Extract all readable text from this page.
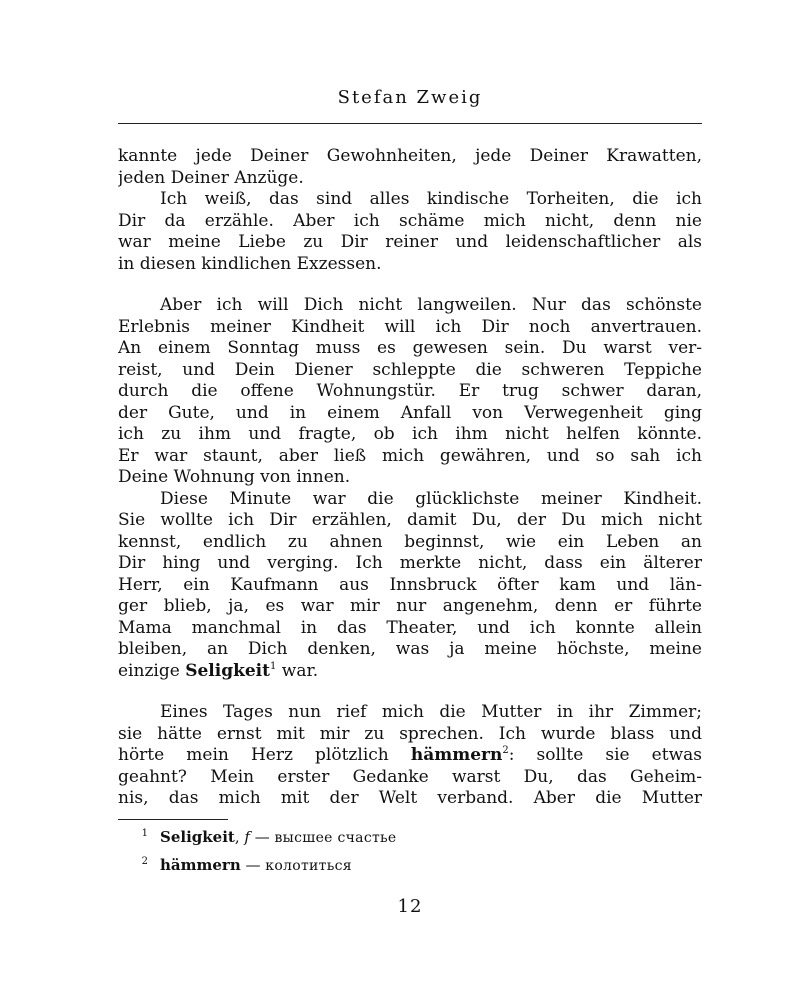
Stefan Zweig
kannte jede Deiner Gewohnheiten, jede Deiner Krawatten,
jeden Deiner Anzüge.
Ich weiß, das sind alles kindische Torheiten, die ich
Dir da erzähle. Aber ich schäme mich nicht, denn nie
war meine Liebe zu Dir reiner und leidenschaftlicher als
in diesen kindlichen Exzessen.
Aber ich will Dich nicht langweilen. Nur das schönste
Erlebnis meiner Kindheit will ich Dir noch anvertrauen.
An einem Sonntag muss es gewesen sein. Du warst ver-
reist, und Dein Diener schleppte die schweren Teppiche
durch die offene Wohnungstür. Er trug schwer daran,
der Gute, und in einem Anfall von Verwegenheit ging
ich zu ihm und fragte, ob ich ihm nicht helfen könnte.
Er war staunt, aber ließ mich gewähren, und so sah ich
Deine Wohnung von innen.
Diese Minute war die glücklichste meiner Kindheit.
Sie wollte ich Dir erzählen, damit Du, der Du mich nicht
kennst, endlich zu ahnen beginnst, wie ein Leben an
Dir hing und verging. Ich merkte nicht, dass ein älterer
Herr, ein Kaufmann aus Innsbruck öfter kam und län-
ger blieb, ja, es war mir nur angenehm, denn er führte
Mama manchmal in das Theater, und ich konnte allein
bleiben, an Dich denken, was ja meine höchste, meine
einzige Seligkeit$^1$ war.
Eines Tages nun rief mich die Mutter in ihr Zimmer;
sie hätte ernst mit mir zu sprechen. Ich wurde blass und
hörte mein Herz plötzlich hämmern$^2$: sollte sie etwas
geahnt? Mein erster Gedanke warst Du, das Geheim-
nis, das mich mit der Welt verband. Aber die Mutter
1 Seligkeit, f — высшее счастье
2 hämmern — колотиться
12
